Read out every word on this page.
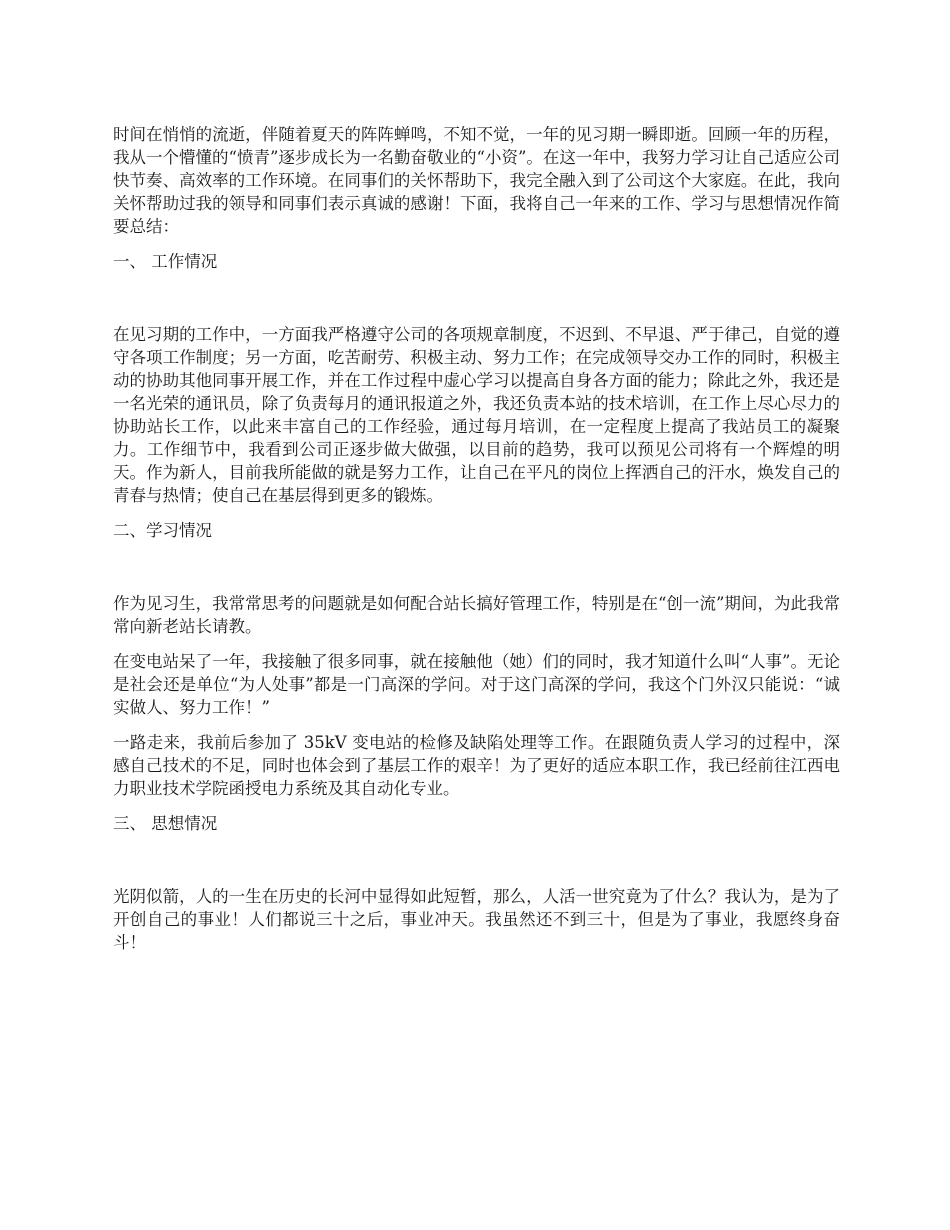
时间在悄悄的流逝，伴随着夏天的阵阵蝉鸣，不知不觉，一年的见习期一瞬即逝。回顾一年的历程，我从一个懵懂的“愤青”逐步成长为一名勤奋敬业的“小资”。在这一年中，我努力学习让自己适应公司快节奏、高效率的工作环境。在同事们的关怀帮助下，我完全融入到了公司这个大家庭。在此，我向关怀帮助过我的领导和同事们表示真诚的感谢！下面，我将自己一年来的工作、学习与思想情况作简要总结：

一、 工作情况

在见习期的工作中，一方面我严格遵守公司的各项规章制度，不迟到、不早退、严于律己，自觉的遵守各项工作制度；另一方面，吃苦耐劳、积极主动、努力工作；在完成领导交办工作的同时，积极主动的协助其他同事开展工作，并在工作过程中虚心学习以提高自身各方面的能力；除此之外，我还是一名光荣的通讯员，除了负责每月的通讯报道之外，我还负责本站的技术培训，在工作上尽心尽力的协助站长工作，以此来丰富自己的工作经验，通过每月培训，在一定程度上提高了我站员工的凝聚力。工作细节中，我看到公司正逐步做大做强，以目前的趋势，我可以预见公司将有一个辉煌的明天。作为新人，目前我所能做的就是努力工作，让自己在平凡的岗位上挥洒自己的汗水，焕发自己的青春与热情；使自己在基层得到更多的锻炼。

二、学习情况

作为见习生，我常常思考的问题就是如何配合站长搞好管理工作，特别是在“创一流”期间，为此我常常向新老站长请教。

在变电站呆了一年，我接触了很多同事，就在接触他（她）们的同时，我才知道什么叫“人事”。无论是社会还是单位“为人处事”都是一门高深的学问。对于这门高深的学问，我这个门外汉只能说：“诚实做人、努力工作！”

一路走来，我前后参加了 35kV 变电站的检修及缺陷处理等工作。在跟随负责人学习的过程中，深感自己技术的不足，同时也体会到了基层工作的艰辛！为了更好的适应本职工作，我已经前往江西电力职业技术学院函授电力系统及其自动化专业。

三、 思想情况

光阴似箭，人的一生在历史的长河中显得如此短暂，那么，人活一世究竟为了什么？我认为，是为了开创自己的事业！人们都说三十之后，事业冲天。我虽然还不到三十，但是为了事业，我愿终身奋斗！
